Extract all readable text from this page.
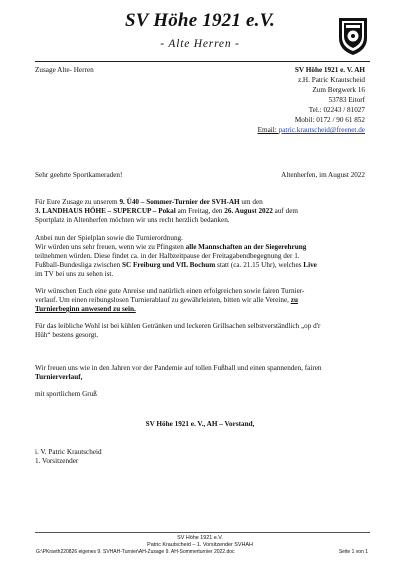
SV Höhe 1921 e.V.
- Alte Herren -
Zusage Alte- Herren	SV Höhe 1921 e. V. AH
z.H. Patric Krautscheid
Zum Bergwerk 16
53783 Eitorf
Tel.: 02243 / 81027
Mobil: 0172 / 90 61 852
Email: patric.krautscheid@freenet.de
Sehr geehrte Sportkameraden!	Altenherfen, im August 2022
Für Eure Zusage zu unserem 9. Ü40 – Sommer-Turnier der SVH-AH um den
3. LANDHAUS HÖHE – SUPERCUP – Pokal am Freitag, den 26. August 2022 auf dem
Sportplatz in Altenherfen möchten wir uns recht herzlich bedanken.
Anbei nun der Spielplan sowie die Turnierordnung.
Wir würden uns sehr freuen, wenn wie zu Pfingsten alle Mannschaften an der Siegerehrung
teilnehmen würden. Diese findet ca. in der Halbzeitpause der Freitagabendbegegnung der 1.
Fußball-Bundesliga zwischen SC Freiburg und VfL Bochum statt (ca. 21.15 Uhr), welches Live
im TV bei uns zu sehen ist.
Wir wünschen Euch eine gute Anreise und natürlich einen erfolgreichen sowie fairen Turnier-
verlauf. Um einen reibungslosen Turnierablauf zu gewährleisten, bitten wir alle Vereine, zu
Turnierbeginn anwesend zu sein.
Für das leibliche Wohl ist bei kühlen Getränken und leckeren Grillsachen selbstverständlich „op d'r
Hüh“ bestens gesorgt.
Wir freuen uns wie in den Jahren vor der Pandemie auf tollen Fußball und einen spannenden, fairen
Turnierverlauf,
mit sportlichem Gruß
SV Höhe 1921 e. V., AH – Vorstand,
i. V. Patric Krautscheid
1. Vorsitzender
SV Höhe 1921 e.V.
Patric Krautscheid – 1. Vorsitzender SVHAH
G:\PKravth220826 eigenes 9. SVHAH-Turnier\AH-Zusage 9. AH-Sommerturnier 2022.doc	Seite 1 von 1
